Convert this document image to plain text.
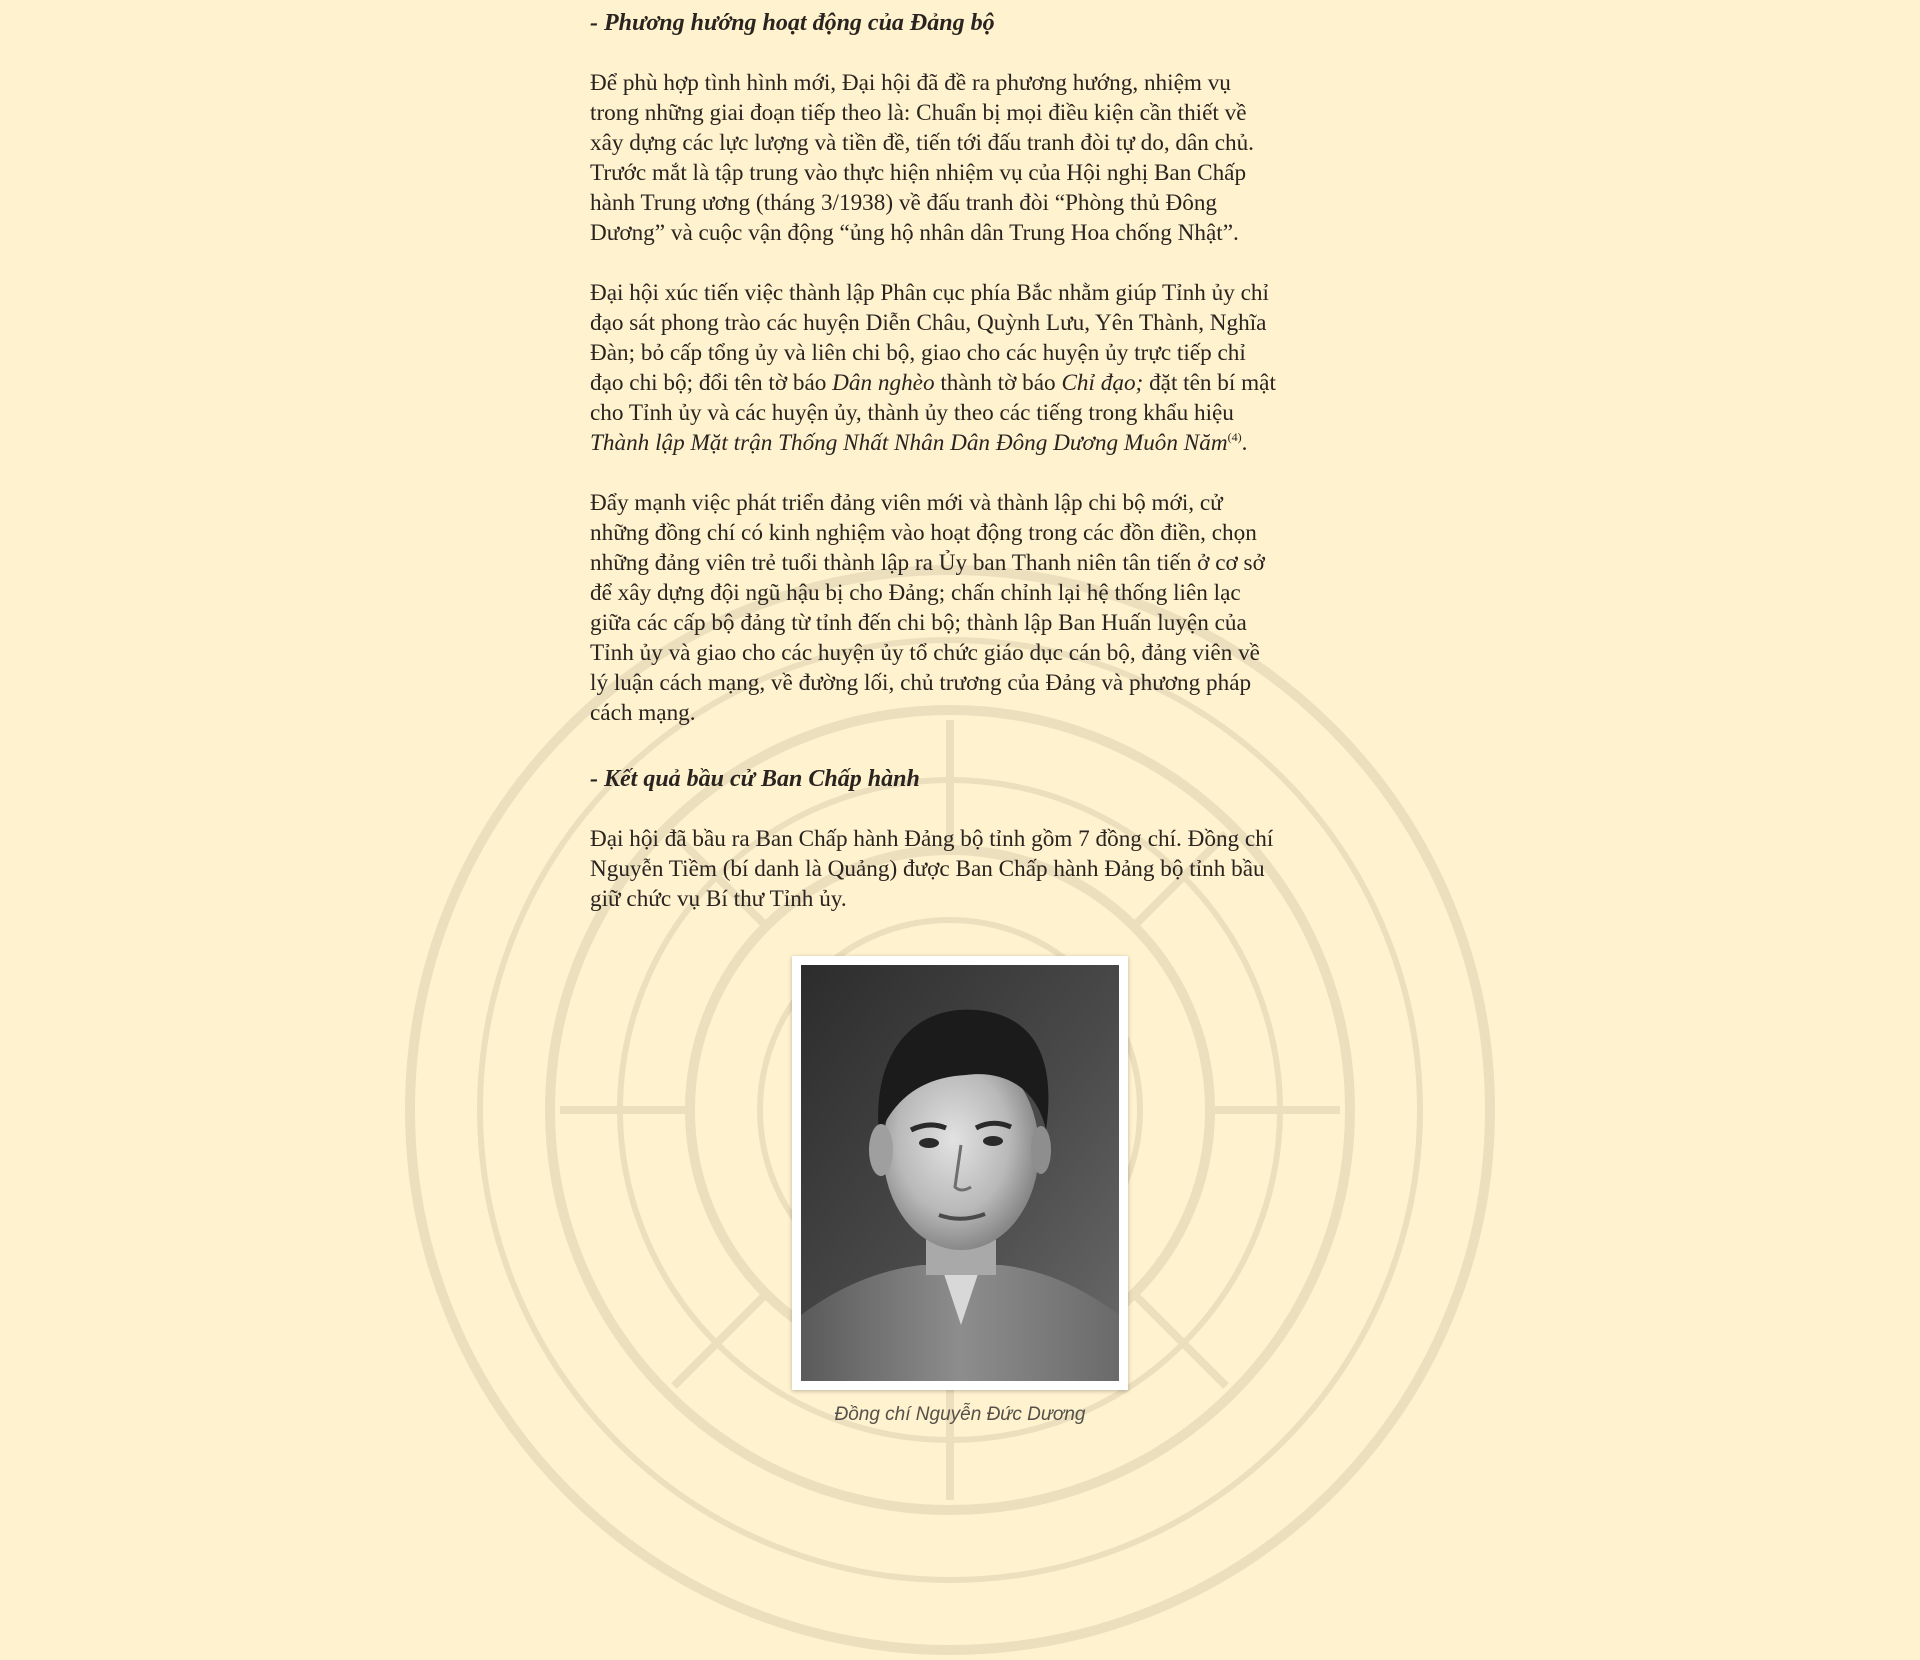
- Phương hướng hoạt động của Đảng bộ

Để phù hợp tình hình mới, Đại hội đã đề ra phương hướng, nhiệm vụ
trong những giai đoạn tiếp theo là: Chuẩn bị mọi điều kiện cần thiết về
xây dựng các lực lượng và tiền đề, tiến tới đấu tranh đòi tự do, dân chủ.
Trước mắt là tập trung vào thực hiện nhiệm vụ của Hội nghị Ban Chấp
hành Trung ương (tháng 3/1938) về đấu tranh đòi “Phòng thủ Đông
Dương” và cuộc vận động “ủng hộ nhân dân Trung Hoa chống Nhật”.

Đại hội xúc tiến việc thành lập Phân cục phía Bắc nhằm giúp Tỉnh ủy chỉ
đạo sát phong trào các huyện Diễn Châu, Quỳnh Lưu, Yên Thành, Nghĩa
Đàn; bỏ cấp tổng ủy và liên chi bộ, giao cho các huyện ủy trực tiếp chỉ
đạo chi bộ; đổi tên tờ báo Dân nghèo thành tờ báo Chỉ đạo; đặt tên bí mật
cho Tỉnh ủy và các huyện ủy, thành ủy theo các tiếng trong khẩu hiệu
Thành lập Mặt trận Thống Nhất Nhân Dân Đông Dương Muôn Năm$^{(4)}$.

Đẩy mạnh việc phát triển đảng viên mới và thành lập chi bộ mới, cử
những đồng chí có kinh nghiệm vào hoạt động trong các đồn điền, chọn
những đảng viên trẻ tuổi thành lập ra Ủy ban Thanh niên tân tiến ở cơ sở
để xây dựng đội ngũ hậu bị cho Đảng; chấn chỉnh lại hệ thống liên lạc
giữa các cấp bộ đảng từ tỉnh đến chi bộ; thành lập Ban Huấn luyện của
Tỉnh ủy và giao cho các huyện ủy tổ chức giáo dục cán bộ, đảng viên về
lý luận cách mạng, về đường lối, chủ trương của Đảng và phương pháp
cách mạng.

- Kết quả bầu cử Ban Chấp hành

Đại hội đã bầu ra Ban Chấp hành Đảng bộ tỉnh gồm 7 đồng chí. Đồng chí
Nguyễn Tiềm (bí danh là Quảng) được Ban Chấp hành Đảng bộ tỉnh bầu
giữ chức vụ Bí thư Tỉnh ủy.

Đồng chí Nguyễn Đức Dương
